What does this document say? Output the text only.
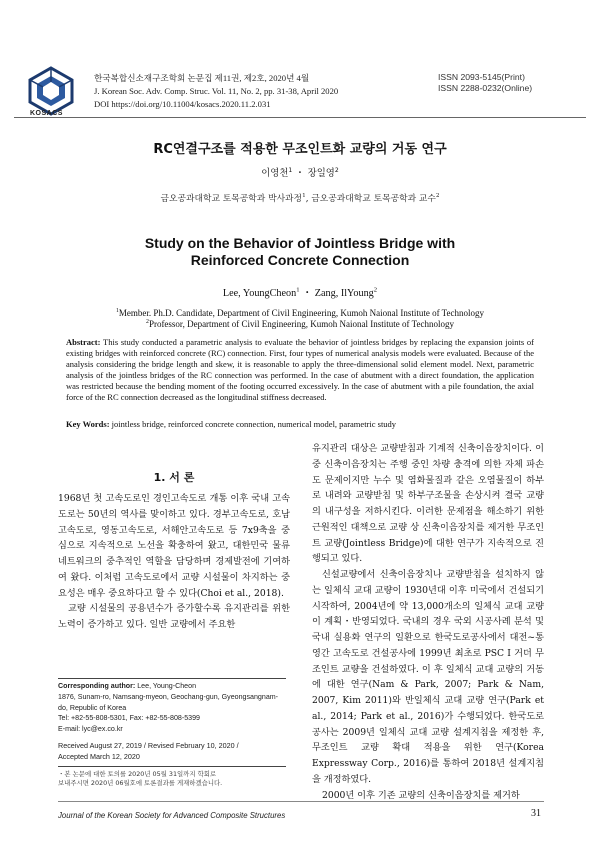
KOSACS
한국복합신소재구조학회 논문집 제11권, 제2호, 2020년 4월
J. Korean Soc. Adv. Comp. Struc. Vol. 11, No. 2, pp. 31-38, April 2020
DOI https://doi.org/10.11004/kosacs.2020.11.2.031
ISSN 2093-5145(Print)
ISSN 2288-0232(Online)
RC연결구조를 적용한 무조인트화 교량의 거동 연구
이영천$^1$ ・ 장일영$^2$
금오공과대학교 토목공학과 박사과정$^1$, 금오공과대학교 토목공학과 교수$^2$
Study on the Behavior of Jointless Bridge with
Reinforced Concrete Connection
Lee, YoungCheon$^1$ ・ Zang, IlYoung$^2$
$^1$Member. Ph.D. Candidate, Department of Civil Engineering, Kumoh Naional Institute of Technology
$^2$Professor, Department of Civil Engineering, Kumoh Naional Institute of Technology
Abstract: This study conducted a parametric analysis to evaluate the behavior of jointless bridges by replacing the expansion joints of existing bridges with reinforced concrete (RC) connection. First, four types of numerical analysis models were evaluated. Because of the analysis considering the bridge length and skew, it is reasonable to apply the three-dimensional solid element model. Next, parametric analysis of the jointless bridges of the RC connection was performed. In the case of abutment with a direct foundation, the application was restricted because the bending moment of the footing occurred excessively. In the case of abutment with a pile foundation, the axial force of the RC connection decreased as the longitudinal stiffness decreased.
Key Words: jointless bridge, reinforced concrete connection, numerical model, parametric study
1. 서 론

1968년 첫 고속도로인 경인고속도로 개통 이후 국내 고속도로는 50년의 역사를 맞이하고 있다. 경부고속도로, 호남고속도로, 영동고속도로, 서해안고속도로 등 7x9축을 중심으로 지속적으로 노선을 확충하여 왔고, 대한민국 물류네트워크의 중추적인 역할을 담당하며 경제발전에 기여하여 왔다. 이처럼 고속도로에서 교량 시설물이 차지하는 중요성은 매우 중요하다고 할 수 있다(Choi et al., 2018).

교량 시설물의 공용년수가 증가할수록 유지관리를 위한 노력이 증가하고 있다. 일반 교량에서 주요한

유지관리 대상은 교량받침과 기계적 신축이음장치이다. 이 중 신축이음장치는 주행 중인 차량 충격에 의한 자체 파손도 문제이지만 누수 및 염화물질과 같은 오염물질이 하부로 내려와 교량받침 및 하부구조물을 손상시켜 결국 교량의 내구성을 저하시킨다. 이러한 문제점을 해소하기 위한 근원적인 대책으로 교량 상 신축이음장치를 제거한 무조인트 교량(Jointless Bridge)에 대한 연구가 지속적으로 진행되고 있다.

신설교량에서 신축이음장치나 교량받침을 설치하지 않는 일체식 교대 교량이 1930년대 이후 미국에서 건설되기 시작하여, 2004년에 약 13,000개소의 일체식 교대 교량이 계획・반영되었다. 국내의 경우 국외 시공사례 분석 및 국내 실용화 연구의 일환으로 한국도로공사에서 대전~통영간 고속도로 건설공사에 1999년 최초로 PSC I 거더 무조인트 교량을 건설하였다. 이 후 일체식 교대 교량의 거동에 대한 연구(Nam & Park, 2007; Park & Nam, 2007, Kim 2011)와 반일체식 교대 교량 연구(Park et al., 2014; Park et al., 2016)가 수행되었다. 한국도로공사는 2009년 일체식 교대 교량 설계지침을 제정한 후, 무조인트 교량 확대 적용을 위한 연구(Korea Expressway Corp., 2016)를 통하여 2018년 설계지침을 개정하였다.

2000년 이후 기존 교량의 신축이음장치를 제거하

Corresponding author: Lee, Young-Cheon
1876, Sunam-ro, Namsang-myeon, Geochang-gun, Gyeongsangnam-
do, Republic of Korea
Tel: +82-55-808-5301, Fax: +82-55-808-5399
E-mail: lyc@ex.co.kr
Received August 27, 2019 / Revised February 10, 2020 /
Accepted March 12, 2020
・본 논문에 대한 토의를 2020년 05월 31일까지 학회로
보내주시면 2020년 06월호에 토론결과를 게재하겠습니다.
Journal of the Korean Society for Advanced Composite Structures	31
